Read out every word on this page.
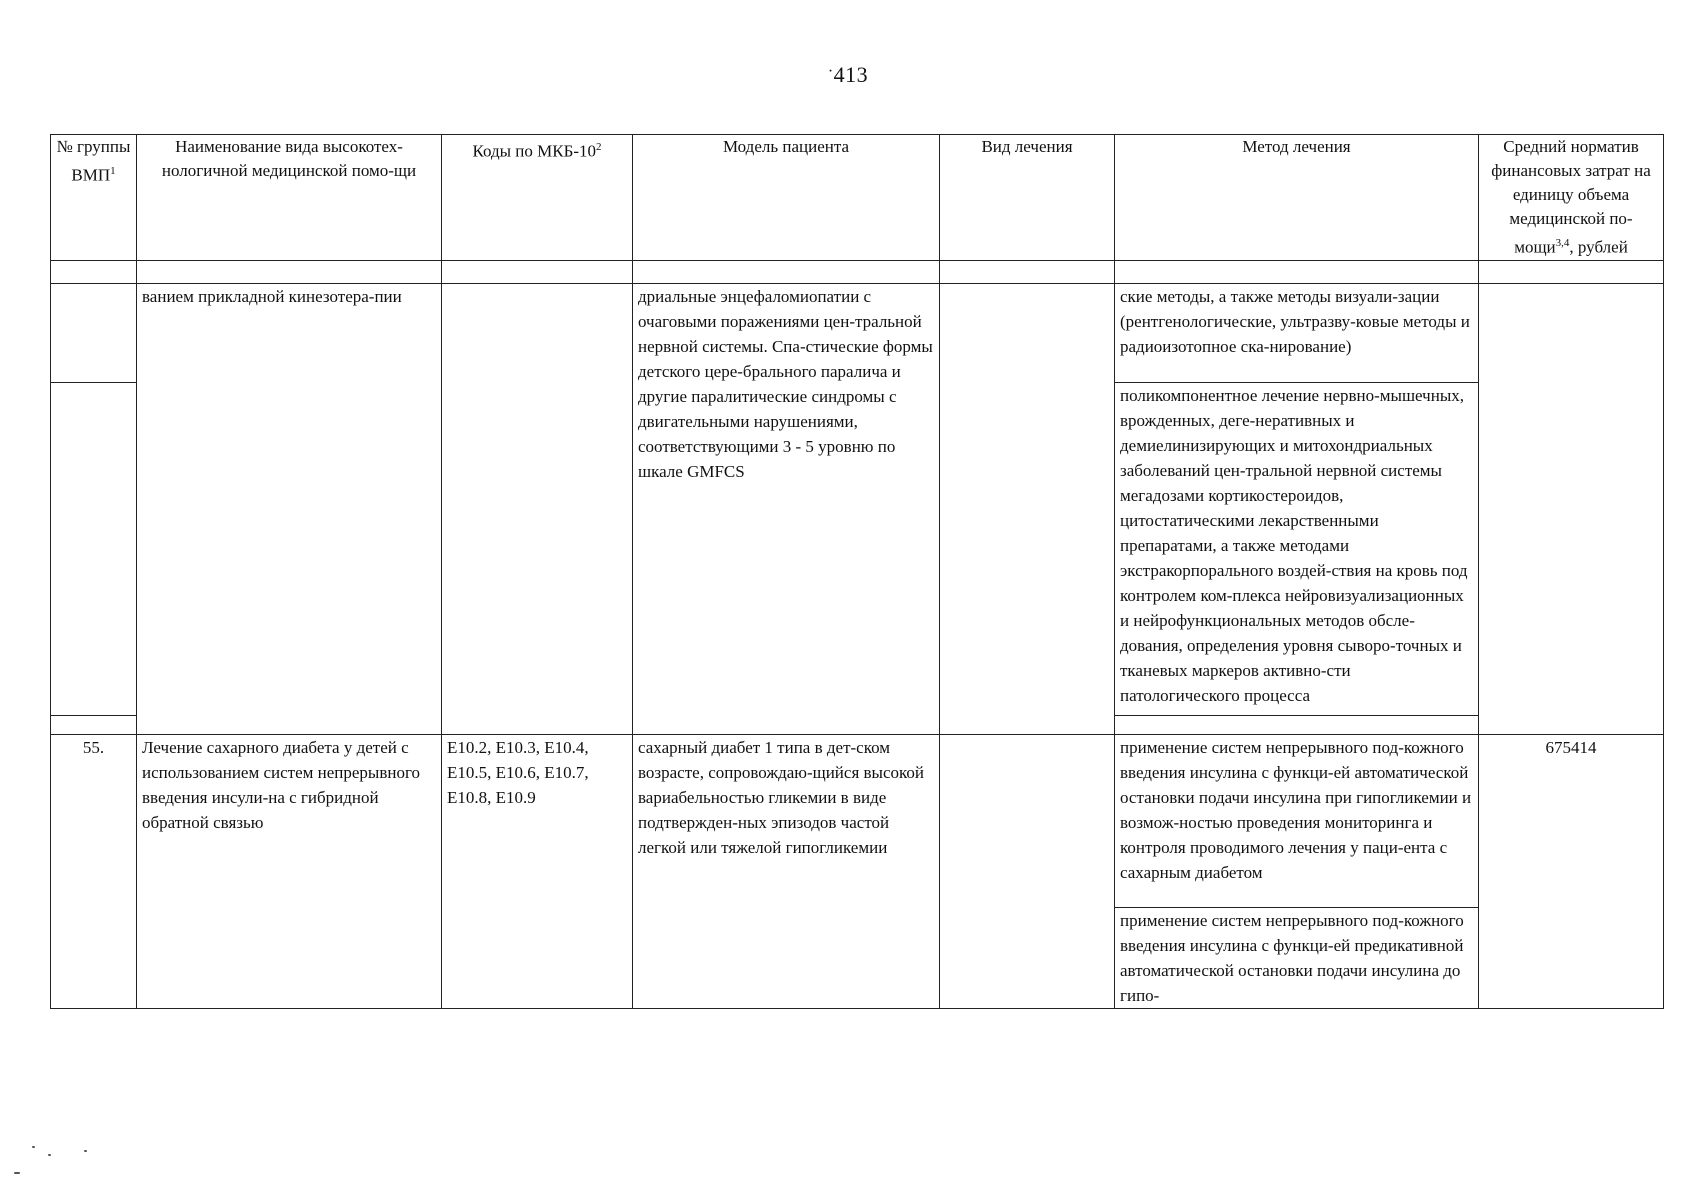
·413
№ группы ВМП$^1$	Наименование вида высокотех-нологичной медицинской помо-щи	Коды по МКБ-$10^2$	Модель пациента	Вид лечения	Метод лечения	Средний норматив финансовых затрат на единицу объема медицинской по-мощи$^{3,4}$, рублей

	ванием прикладной кинезотера-пии		дриальные энцефаломиопатии с очаговыми поражениями цен-тральной нервной системы. Спа-стические формы детского цере-брального паралича и другие паралитические синдромы с двигательными нарушениями, соответствующими 3 - 5 уровню по шкале GMFCS		ские методы, а также методы визуали-зации (рентгенологические, ультразву-ковые методы и радиоизотопное ска-нирование)	
					поликомпонентное лечение нервно-мышечных, врожденных, деге-неративных и демиелинизирующих и митохондриальных заболеваний цен-тральной нервной системы мегадозами кортикостероидов, цитостатическими лекарственными препаратами, а также методами экстракорпорального воздей-ствия на кровь под контролем ком-плекса нейровизуализационных и нейрофункциональных методов обсле-дования, определения уровня сыворо-точных и тканевых маркеров активно-сти патологического процесса	

55.	Лечение сахарного диабета у детей с использованием систем непрерывного введения инсули-на с гибридной обратной связью	E10.2, E10.3, E10.4, E10.5, E10.6, E10.7, E10.8, E10.9	сахарный диабет 1 типа в дет-ском возрасте, сопровождаю-щийся высокой вариабельностью гликемии в виде подтвержден-ных эпизодов частой легкой или тяжелой гипогликемии		применение систем непрерывного под-кожного введения инсулина с функци-ей автоматической остановки подачи инсулина при гипогликемии и возмож-ностью проведения мониторинга и контроля проводимого лечения у паци-ента с сахарным диабетом	675414
					применение систем непрерывного под-кожного введения инсулина с функци-ей предикативной автоматической остановки подачи инсулина до гипо-	
